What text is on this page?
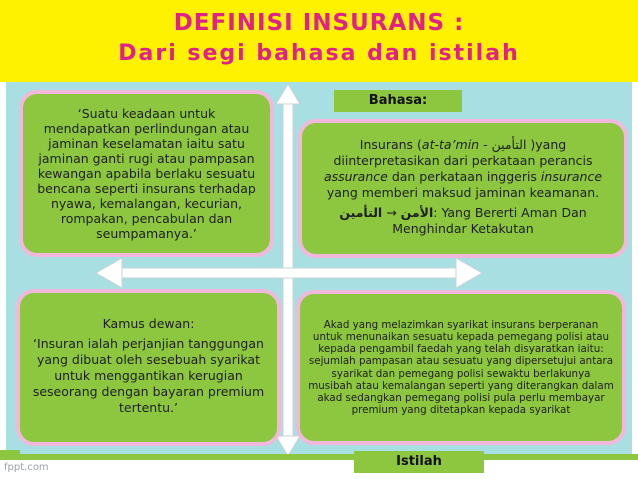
DEFINISI INSURANS :
Dari segi bahasa dan istilah
Bahasa:
Istilah
‘Suatu keadaan untuk mendapatkan perlindungan atau jaminan keselamatan iaitu satu jaminan ganti rugi atau pampasan kewangan apabila berlaku sesuatu bencana seperti insurans terhadap nyawa, kemalangan, kecurian, rompakan, pencabulan dan seumpamanya.’
Insurans (at-ta’min - التأمين )yang diinterpretasikan dari perkataan perancis assurance dan perkataan inggeris insurance yang memberi maksud jaminan keamanan.
التأمين → الأمن: Yang Bererti Aman Dan Menghindar Ketakutan
Kamus dewan:
‘Insuran ialah perjanjian tanggungan yang dibuat oleh sesebuah syarikat untuk menggantikan kerugian seseorang dengan bayaran premium tertentu.’
Akad yang melazimkan syarikat insurans berperanan untuk menunaikan sesuatu kepada pemegang polisi atau kepada pengambil faedah yang telah disyaratkan iaitu: sejumlah pampasan atau sesuatu yang dipersetujui antara syarikat dan pemegang polisi sewaktu berlakunya musibah atau kemalangan seperti yang diterangkan dalam akad sedangkan pemegang polisi pula perlu membayar premium yang ditetapkan kepada syarikat
fppt.com
